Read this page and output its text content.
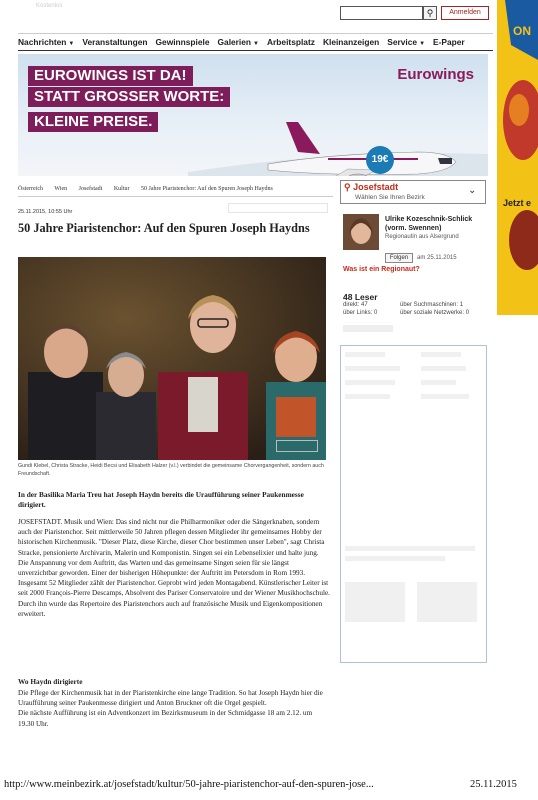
Kostenlos
⚲	Anmelden
Nachrichten ▼ Veranstaltungen Gewinnspiele Galerien ▼ Arbeitsplatz Kleinanzeigen Service ▼ E-Paper
EUROWINGS IST DA!
STATT GROSSER WORTE:
KLEINE PREISE.
Eurowings
19€
ON
Jetzt e
Österreich Wien Josefstadt Kultur 50 Jahre Piaristenchor: Auf den Spuren Joseph Haydns	⚲ Josefstadt
Wählen Sie Ihren Bezirk
⌄
25.11.2015, 10:55 Uhr
50 Jahre Piaristenchor: Auf den Spuren Joseph Haydns
Gundi Klebel, Christa Stracke, Heidi Becsi und Elisabeth Halzer (v.l.) verbindet die gemeinsame Chorvergangenheit, sondern auch Freundschaft.
In der Basilika Maria Treu hat Joseph Haydn bereits die Uraufführung seiner Paukenmesse dirigiert.

JOSEFSTADT. Musik und Wien: Das sind nicht nur die Philharmoniker oder die Sängerknaben, sondern auch der Piaristenchor. Seit mittlerweile 50 Jahren pflegen dessen Mitglieder ihr gemeinsames Hobby der historischen Kirchenmusik. "Dieser Platz, diese Kirche, dieser Chor bestimmen unser Leben", sagt Christa Stracke, pensionierte Archivarin, Malerin und Komponistin. Singen sei ein Lebenselixier und halte jung. Die Anspannung vor dem Auftritt, das Warten und das gemeinsame Singen seien für sie längst unverzichtbar geworden. Einer der bisherigen Höhepunkte: der Auftritt im Petersdom in Rom 1993.

Insgesamt 52 Mitglieder zählt der Piaristenchor. Geprobt wird jeden Montagabend. Künstlerischer Leiter ist seit 2000 François-Pierre Descamps, Absolvent des Pariser Conservatoire und der Wiener Musikhochschule. Durch ihn wurde das Repertoire des Piaristenchors auch auf französische Musik und Eigenkompositionen erweitert.

Wo Haydn dirigierte

Die Pflege der Kirchenmusik hat in der Piaristenkirche eine lange Tradition. So hat Joseph Haydn hier die Uraufführung seiner Paukenmesse dirigiert und Anton Bruckner oft die Orgel gespielt.

Die nächste Aufführung ist ein Adventkonzert im Bezirksmuseum in der Schmidgasse 18 am 2.12. um 19.30 Uhr.

Ulrike Kozeschnik-Schlick (vorm. Swennen)
Regionautin aus Alsergrund
Folgen	am 25.11.2015
Was ist ein Regionaut?
48 Leser
direkt: 47	über Suchmaschinen: 1
über Links: 0	über soziale Netzwerke: 0
http://www.meinbezirk.at/josefstadt/kultur/50-jahre-piaristenchor-auf-den-spuren-jose...	25.11.2015
